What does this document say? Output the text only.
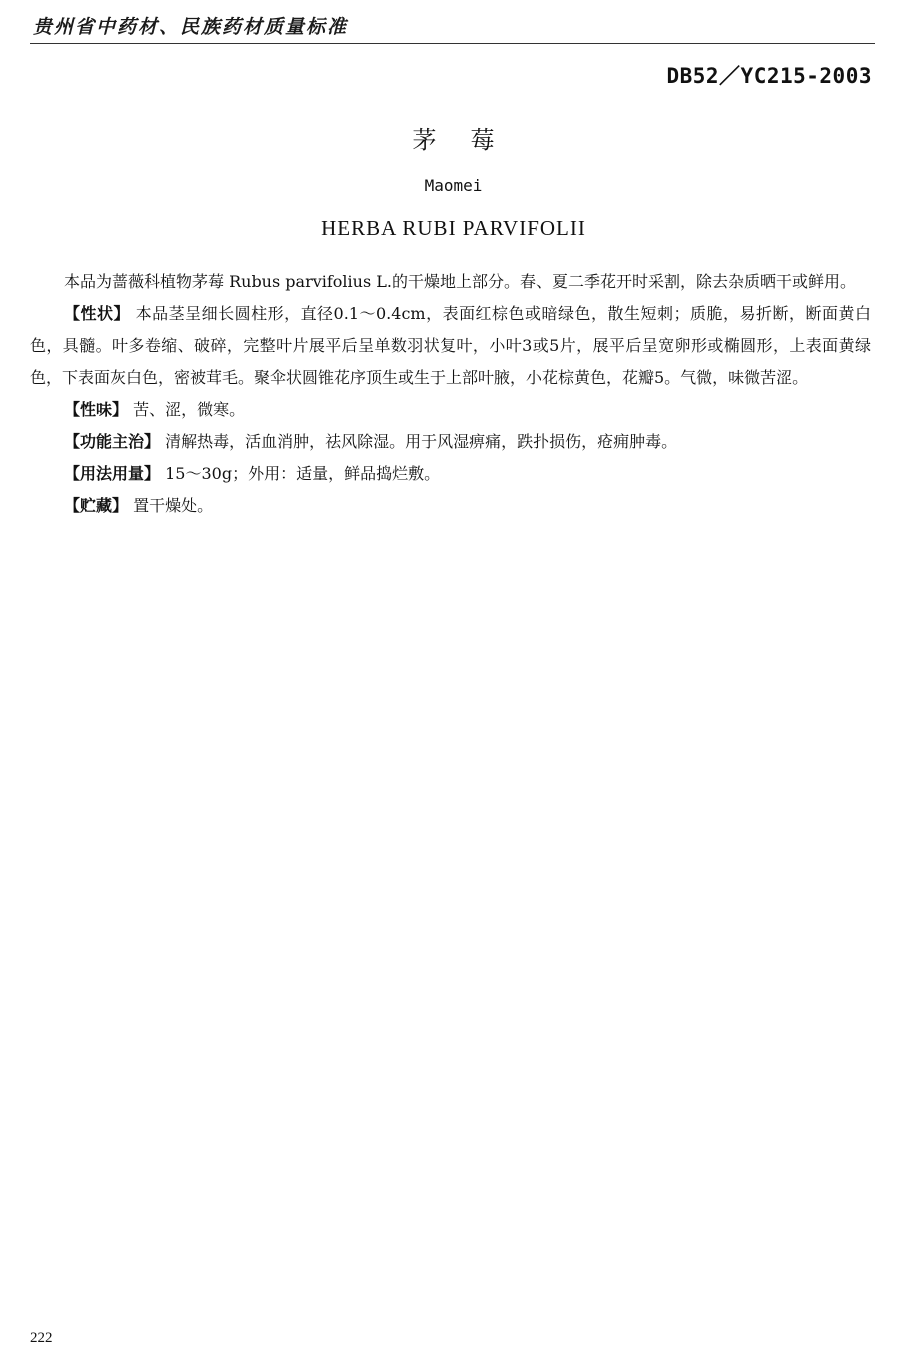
贵州省中药材、民族药材质量标准
DB52／YC215-2003
茅莓
Maomei
HERBA RUBI PARVIFOLII

本品为蔷薇科植物茅莓 Rubus parvifolius L.的干燥地上部分。春、夏二季花开时采割，除去杂质晒干或鲜用。

【性状】 本品茎呈细长圆柱形，直径0.1～0.4cm，表面红棕色或暗绿色，散生短刺；质脆，易折断，断面黄白色，具髓。叶多卷缩、破碎，完整叶片展平后呈单数羽状复叶，小叶3或5片，展平后呈宽卵形或椭圆形，上表面黄绿色，下表面灰白色，密被茸毛。聚伞状圆锥花序顶生或生于上部叶腋，小花棕黄色，花瓣5。气微，味微苦涩。

【性味】 苦、涩，微寒。

【功能主治】 清解热毒，活血消肿，祛风除湿。用于风湿痹痛，跌扑损伤，疮痈肿毒。

【用法用量】 15～30g；外用：适量，鲜品捣烂敷。

【贮藏】 置干燥处。

222
